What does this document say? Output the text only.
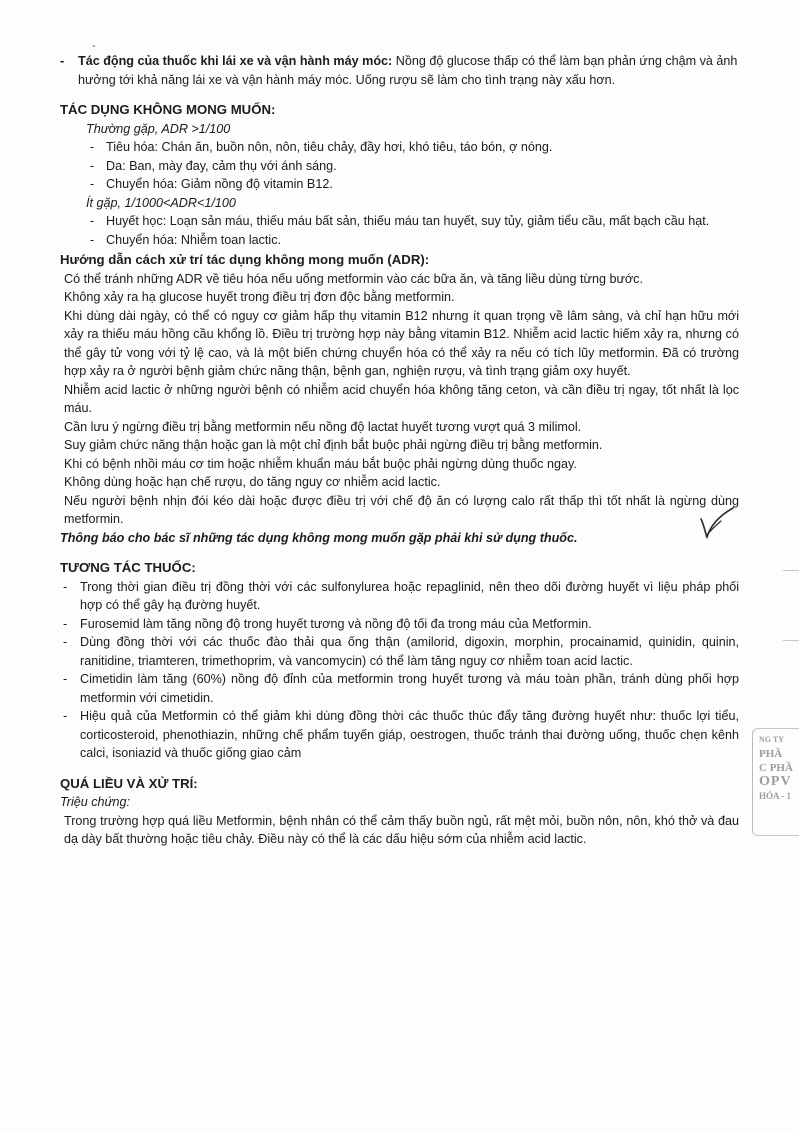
- Tác động của thuốc khi lái xe và vận hành máy móc: Nồng độ glucose thấp có thể làm bạn phản ứng chậm và ảnh hưởng tới khả năng lái xe và vận hành máy móc. Uống rượu sẽ làm cho tình trạng này xấu hơn.
TÁC DỤNG KHÔNG MONG MUỐN:
Thường gặp, ADR >1/100
- Tiêu hóa: Chán ăn, buồn nôn, nôn, tiêu chảy, đầy hơi, khó tiêu, táo bón, ợ nóng.
- Da: Ban, mày đay, cảm thụ với ánh sáng.
- Chuyển hóa: Giảm nồng độ vitamin B12.
Ít gặp, 1/1000<ADR<1/100
- Huyết học: Loạn sản máu, thiếu máu bất sản, thiếu máu tan huyết, suy tủy, giảm tiểu cầu, mất bạch cầu hạt.
- Chuyển hóa: Nhiễm toan lactic.
Hướng dẫn cách xử trí tác dụng không mong muốn (ADR):

Có thể tránh những ADR về tiêu hóa nếu uống metformin vào các bữa ăn, và tăng liều dùng từng bước.

Không xảy ra hạ glucose huyết trong điều trị đơn độc bằng metformin.

Khi dùng dài ngày, có thể có nguy cơ giảm hấp thụ vitamin B12 nhưng ít quan trọng về lâm sàng, và chỉ hạn hữu mới xảy ra thiếu máu hồng cầu khổng lồ. Điều trị trường hợp này bằng vitamin B12. Nhiễm acid lactic hiếm xảy ra, nhưng có thể gây tử vong với tỷ lệ cao, và là một biến chứng chuyển hóa có thể xảy ra nếu có tích lũy metformin. Đã có trường hợp xảy ra ở người bệnh giảm chức năng thận, bệnh gan, nghiện rượu, và tình trạng giảm oxy huyết.

Nhiễm acid lactic ở những người bệnh có nhiễm acid chuyển hóa không tăng ceton, và cần điều trị ngay, tốt nhất là lọc máu.

Cần lưu ý ngừng điều trị bằng metformin nếu nồng độ lactat huyết tương vượt quá 3 milimol.

Suy giảm chức năng thận hoặc gan là một chỉ định bắt buộc phải ngừng điều trị bằng metformin.

Khi có bệnh nhồi máu cơ tim hoặc nhiễm khuẩn máu bắt buộc phải ngừng dùng thuốc ngay.

Không dùng hoặc hạn chế rượu, do tăng nguy cơ nhiễm acid lactic.

Nếu người bệnh nhịn đói kéo dài hoặc được điều trị với chế độ ăn có lượng calo rất thấp thì tốt nhất là ngừng dùng metformin.

Thông báo cho bác sĩ những tác dụng không mong muốn gặp phải khi sử dụng thuốc.

TƯƠNG TÁC THUỐC:
- Trong thời gian điều trị đồng thời với các sulfonylurea hoặc repaglinid, nên theo dõi đường huyết vì liệu pháp phối hợp có thể gây hạ đường huyết.
- Furosemid làm tăng nồng độ trong huyết tương và nồng độ tối đa trong máu của Metformin.
- Dùng đồng thời với các thuốc đào thải qua ống thận (amilorid, digoxin, morphin, procainamid, quinidin, quinin, ranitidine, triamteren, trimethoprim, và vancomycin) có thể làm tăng nguy cơ nhiễm toan acid lactic.
- Cimetidin làm tăng (60%) nồng độ đỉnh của metformin trong huyết tương và máu toàn phần, tránh dùng phối hợp metformin với cimetidin.
- Hiệu quả của Metformin có thể giảm khi dùng đồng thời các thuốc thúc đẩy tăng đường huyết như: thuốc lợi tiểu, corticosteroid, phenothiazin, những chế phẩm tuyến giáp, oestrogen, thuốc tránh thai đường uống, thuốc chẹn kênh calci, isoniazid và thuốc giống giao cảm
QUÁ LIỀU VÀ XỬ TRÍ:
Triệu chứng:

Trong trường hợp quá liều Metformin, bệnh nhân có thể cảm thấy buồn ngủ, rất mệt mỏi, buồn nôn, nôn, khó thở và đau dạ dày bất thường hoặc tiêu chảy. Điều này có thể là các dấu hiệu sớm của nhiễm acid lactic.

-
NG TY
PHẦ
C PHẦ
OPV
HÓA - 1
